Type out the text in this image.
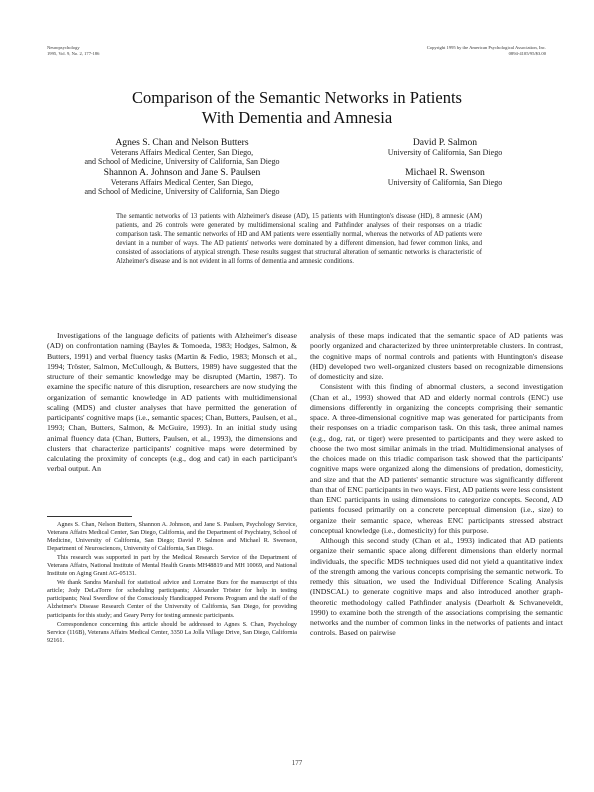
Neuropsychology
1995, Vol. 9, No. 2, 177-186
Copyright 1995 by the American Psychological Association, Inc.
0894-4105/95/$3.00
Comparison of the Semantic Networks in Patients
With Dementia and Amnesia
Agnes S. Chan and Nelson Butters
Veterans Affairs Medical Center, San Diego,
and School of Medicine, University of California, San Diego
David P. Salmon
University of California, San Diego
Shannon A. Johnson and Jane S. Paulsen
Veterans Affairs Medical Center, San Diego,
and School of Medicine, University of California, San Diego
Michael R. Swenson
University of California, San Diego
The semantic networks of 13 patients with Alzheimer's disease (AD), 15 patients with Huntington's disease (HD), 8 amnesic (AM) patients, and 26 controls were generated by multidimensional scaling and Pathfinder analyses of their responses on a triadic comparison task. The semantic networks of HD and AM patients were essentially normal, whereas the networks of AD patients were deviant in a number of ways. The AD patients' networks were dominated by a different dimension, had fewer common links, and consisted of associations of atypical strength. These results suggest that structural alteration of semantic networks is characteristic of Alzheimer's disease and is not evident in all forms of dementia and amnesic conditions.

Investigations of the language deficits of patients with Alzheimer's disease (AD) on confrontation naming (Bayles & Tomoeda, 1983; Hodges, Salmon, & Butters, 1991) and verbal fluency tasks (Martin & Fedio, 1983; Monsch et al., 1994; Tröster, Salmon, McCullough, & Butters, 1989) have suggested that the structure of their semantic knowledge may be disrupted (Martin, 1987). To examine the specific nature of this disruption, researchers are now studying the organization of semantic knowledge in AD patients with multidimensional scaling (MDS) and cluster analyses that have permitted the generation of participants' cognitive maps (i.e., semantic spaces; Chan, Butters, Paulsen, et al., 1993; Chan, Butters, Salmon, & McGuire, 1993). In an initial study using animal fluency data (Chan, Butters, Paulsen, et al., 1993), the dimensions and clusters that characterize participants' cognitive maps were determined by calculating the proximity of concepts (e.g., dog and cat) in each participant's verbal output. An

Agnes S. Chan, Nelson Butters, Shannon A. Johnson, and Jane S. Paulsen, Psychology Service, Veterans Affairs Medical Center, San Diego, California, and the Department of Psychiatry, School of Medicine, University of California, San Diego; David P. Salmon and Michael R. Swenson, Department of Neurosciences, University of California, San Diego.

This research was supported in part by the Medical Research Service of the Department of Veterans Affairs, National Institute of Mental Health Grants MH48819 and MH 10069, and National Institute on Aging Grant AG-05131.

We thank Sandra Marshall for statistical advice and Lorraine Burs for the manuscript of this article; Jody DeLaTorre for scheduling participants; Alexander Tröster for help in testing participants; Neal Swerdlow of the Consciously Handicapped Persons Program and the staff of the Alzheimer's Disease Research Center of the University of California, San Diego, for providing participants for this study; and Geary Perry for testing amnesic participants.

Correspondence concerning this article should be addressed to Agnes S. Chan, Psychology Service (116B), Veterans Affairs Medical Center, 3350 La Jolla Village Drive, San Diego, California 92161.

analysis of these maps indicated that the semantic space of AD patients was poorly organized and characterized by three uninterpretable clusters. In contrast, the cognitive maps of normal controls and patients with Huntington's disease (HD) developed two well-organized clusters based on recognizable dimensions of domesticity and size.

Consistent with this finding of abnormal clusters, a second investigation (Chan et al., 1993) showed that AD and elderly normal controls (ENC) use dimensions differently in organizing the concepts comprising their semantic space. A three-dimensional cognitive map was generated for participants from their responses on a triadic comparison task. On this task, three animal names (e.g., dog, rat, or tiger) were presented to participants and they were asked to choose the two most similar animals in the triad. Multidimensional analyses of the choices made on this triadic comparison task showed that the participants' cognitive maps were organized along the dimensions of predation, domesticity, and size and that the AD patients' semantic structure was significantly different than that of ENC participants in two ways. First, AD patients were less consistent than ENC participants in using dimensions to categorize concepts. Second, AD patients focused primarily on a concrete perceptual dimension (i.e., size) to organize their semantic space, whereas ENC participants stressed abstract conceptual knowledge (i.e., domesticity) for this purpose.

Although this second study (Chan et al., 1993) indicated that AD patients organize their semantic space along different dimensions than elderly normal individuals, the specific MDS techniques used did not yield a quantitative index of the strength among the various concepts comprising the semantic network. To remedy this situation, we used the Individual Difference Scaling Analysis (INDSCAL) to generate cognitive maps and also introduced another graph-theoretic methodology called Pathfinder analysis (Dearholt & Schvaneveldt, 1990) to examine both the strength of the associations comprising the semantic networks and the number of common links in the networks of patients and intact controls. Based on pairwise

177
